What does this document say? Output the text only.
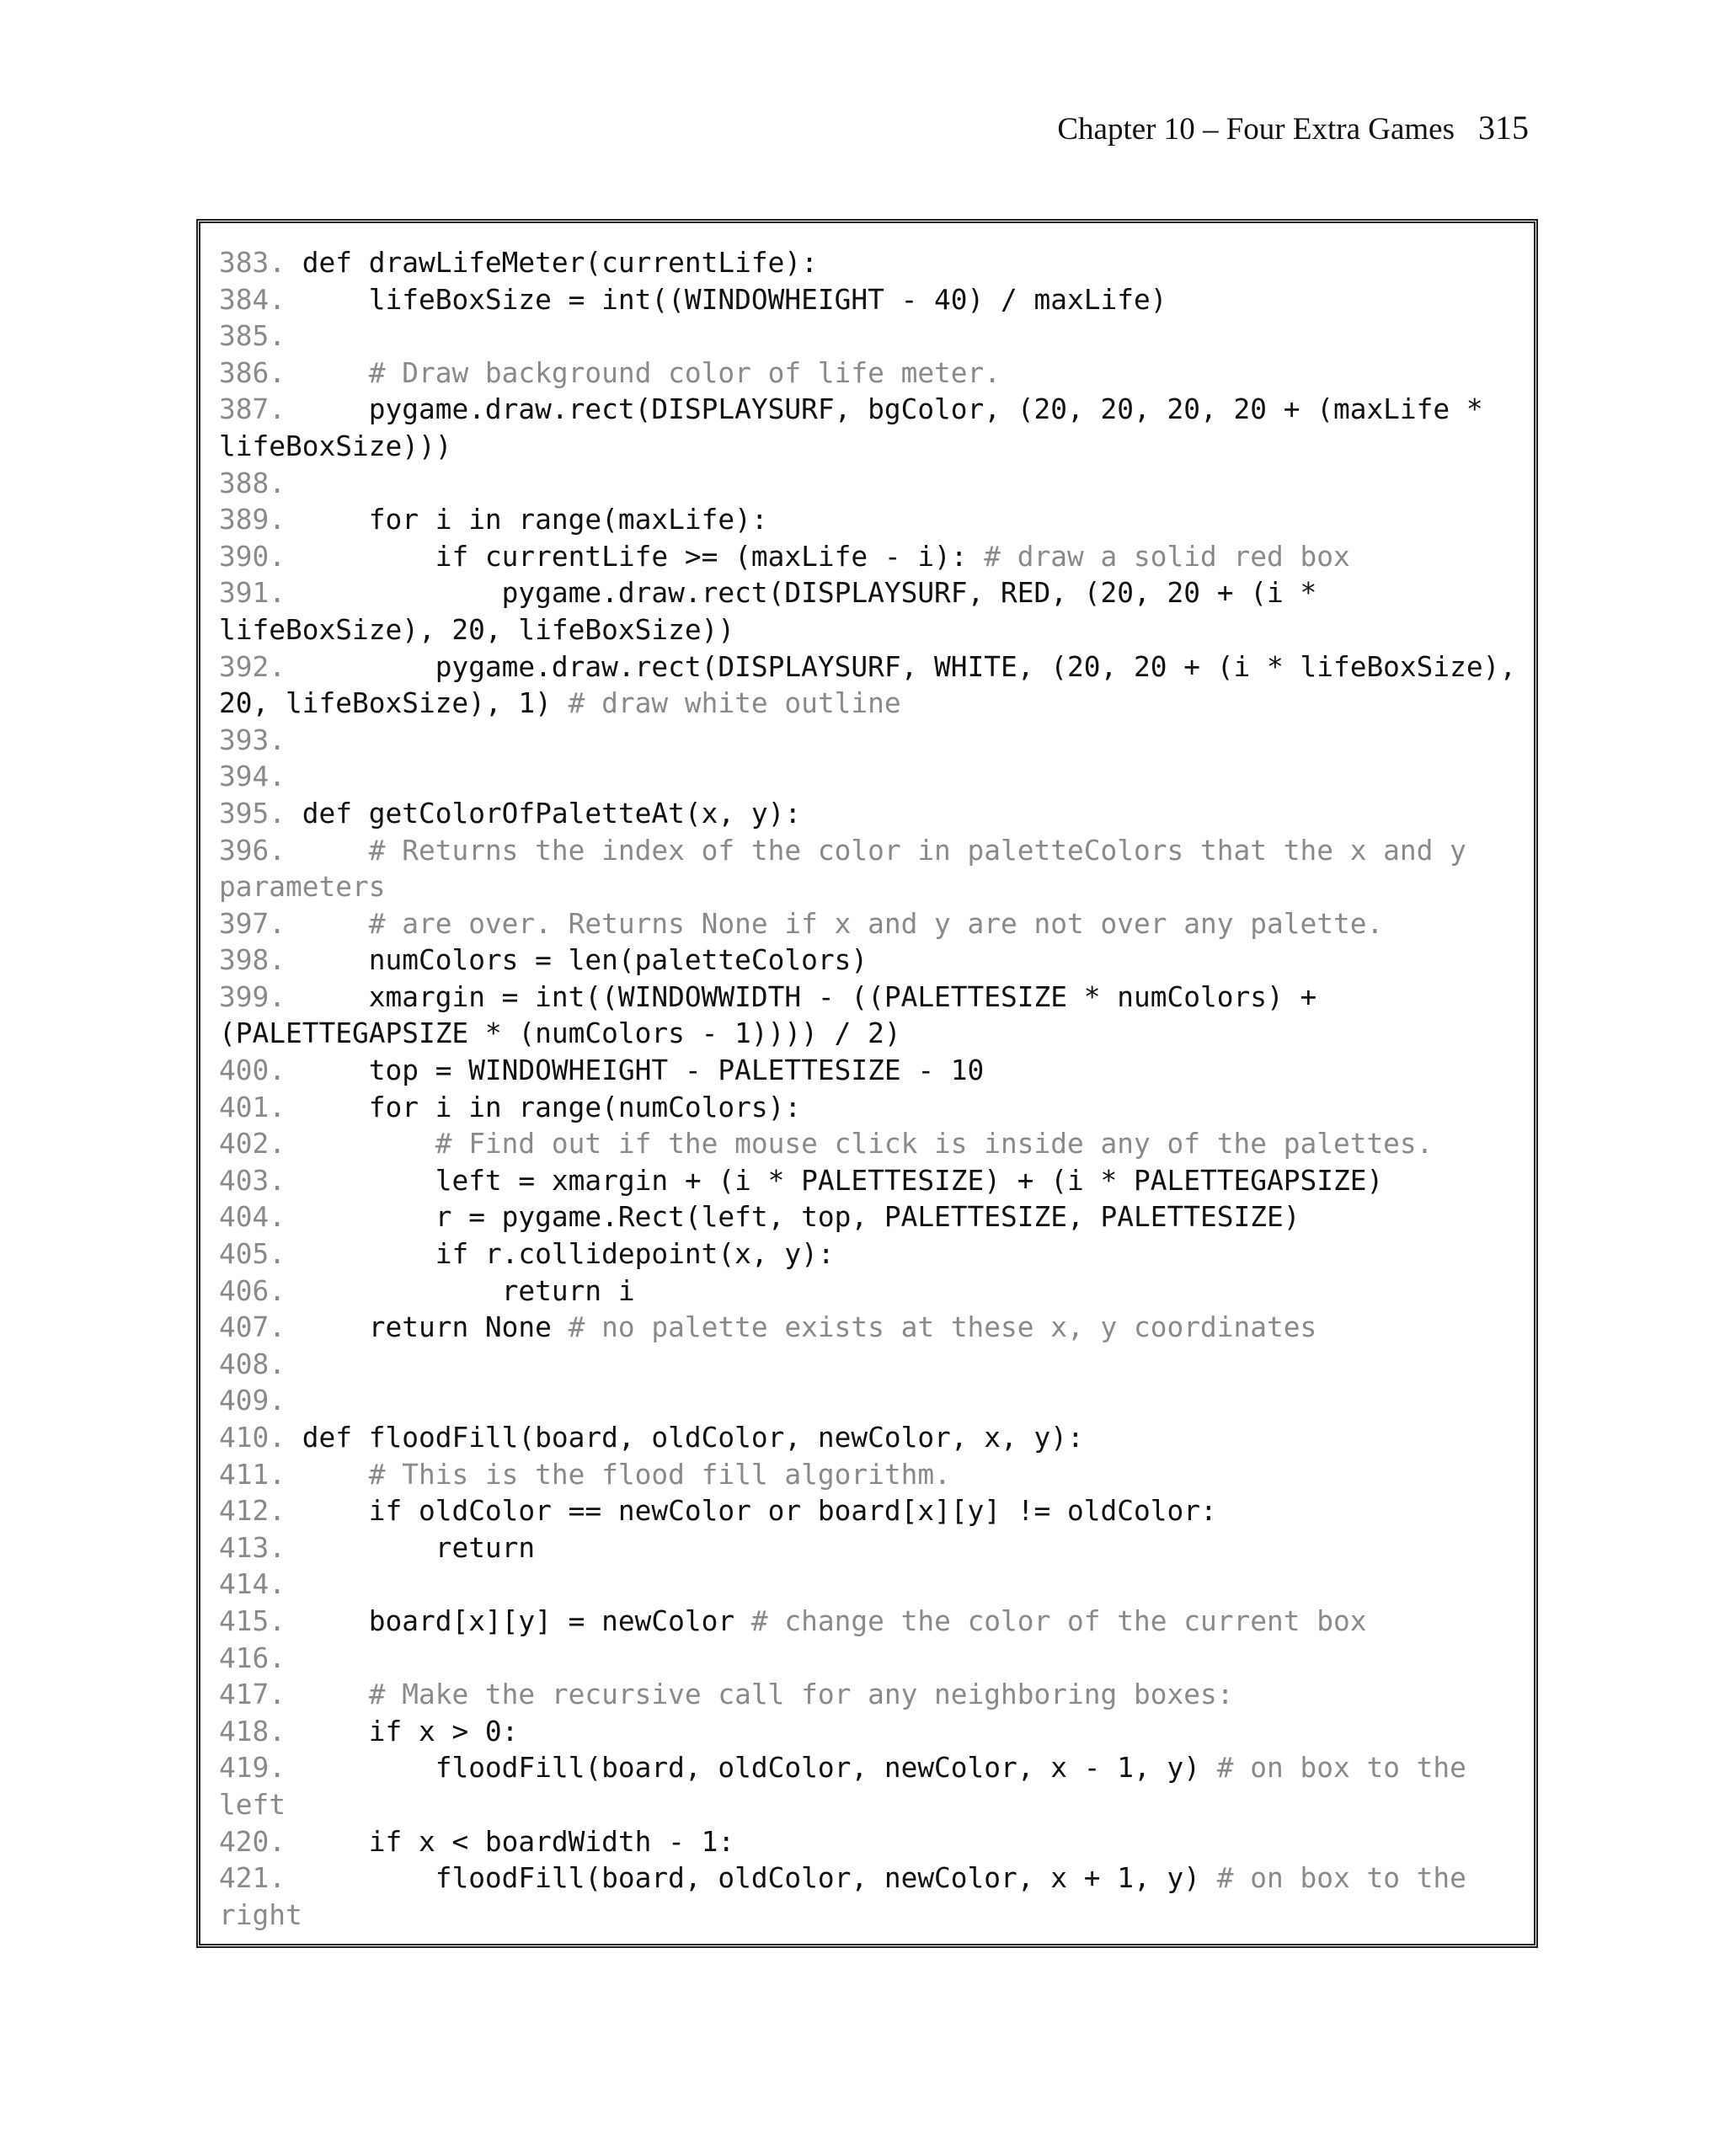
Chapter 10 – Four Extra Games 315
383. def drawLifeMeter(currentLife):
384.     lifeBoxSize = int((WINDOWHEIGHT - 40) / maxLife)
385.
386.     # Draw background color of life meter.
387.     pygame.draw.rect(DISPLAYSURF, bgColor, (20, 20, 20, 20 + (maxLife *
lifeBoxSize)))
388.
389.     for i in range(maxLife):
390.         if currentLife >= (maxLife - i): # draw a solid red box
391.             pygame.draw.rect(DISPLAYSURF, RED, (20, 20 + (i *
lifeBoxSize), 20, lifeBoxSize))
392.         pygame.draw.rect(DISPLAYSURF, WHITE, (20, 20 + (i * lifeBoxSize),
20, lifeBoxSize), 1) # draw white outline
393.
394.
395. def getColorOfPaletteAt(x, y):
396.     # Returns the index of the color in paletteColors that the x and y
parameters
397.     # are over. Returns None if x and y are not over any palette.
398.     numColors = len(paletteColors)
399.     xmargin = int((WINDOWWIDTH - ((PALETTESIZE * numColors) +
(PALETTEGAPSIZE * (numColors - 1)))) / 2)
400.     top = WINDOWHEIGHT - PALETTESIZE - 10
401.     for i in range(numColors):
402.         # Find out if the mouse click is inside any of the palettes.
403.         left = xmargin + (i * PALETTESIZE) + (i * PALETTEGAPSIZE)
404.         r = pygame.Rect(left, top, PALETTESIZE, PALETTESIZE)
405.         if r.collidepoint(x, y):
406.             return i
407.     return None # no palette exists at these x, y coordinates
408.
409.
410. def floodFill(board, oldColor, newColor, x, y):
411.     # This is the flood fill algorithm.
412.     if oldColor == newColor or board[x][y] != oldColor:
413.         return
414.
415.     board[x][y] = newColor # change the color of the current box
416.
417.     # Make the recursive call for any neighboring boxes:
418.     if x > 0:
419.         floodFill(board, oldColor, newColor, x - 1, y) # on box to the
left
420.     if x < boardWidth - 1:
421.         floodFill(board, oldColor, newColor, x + 1, y) # on box to the
right
